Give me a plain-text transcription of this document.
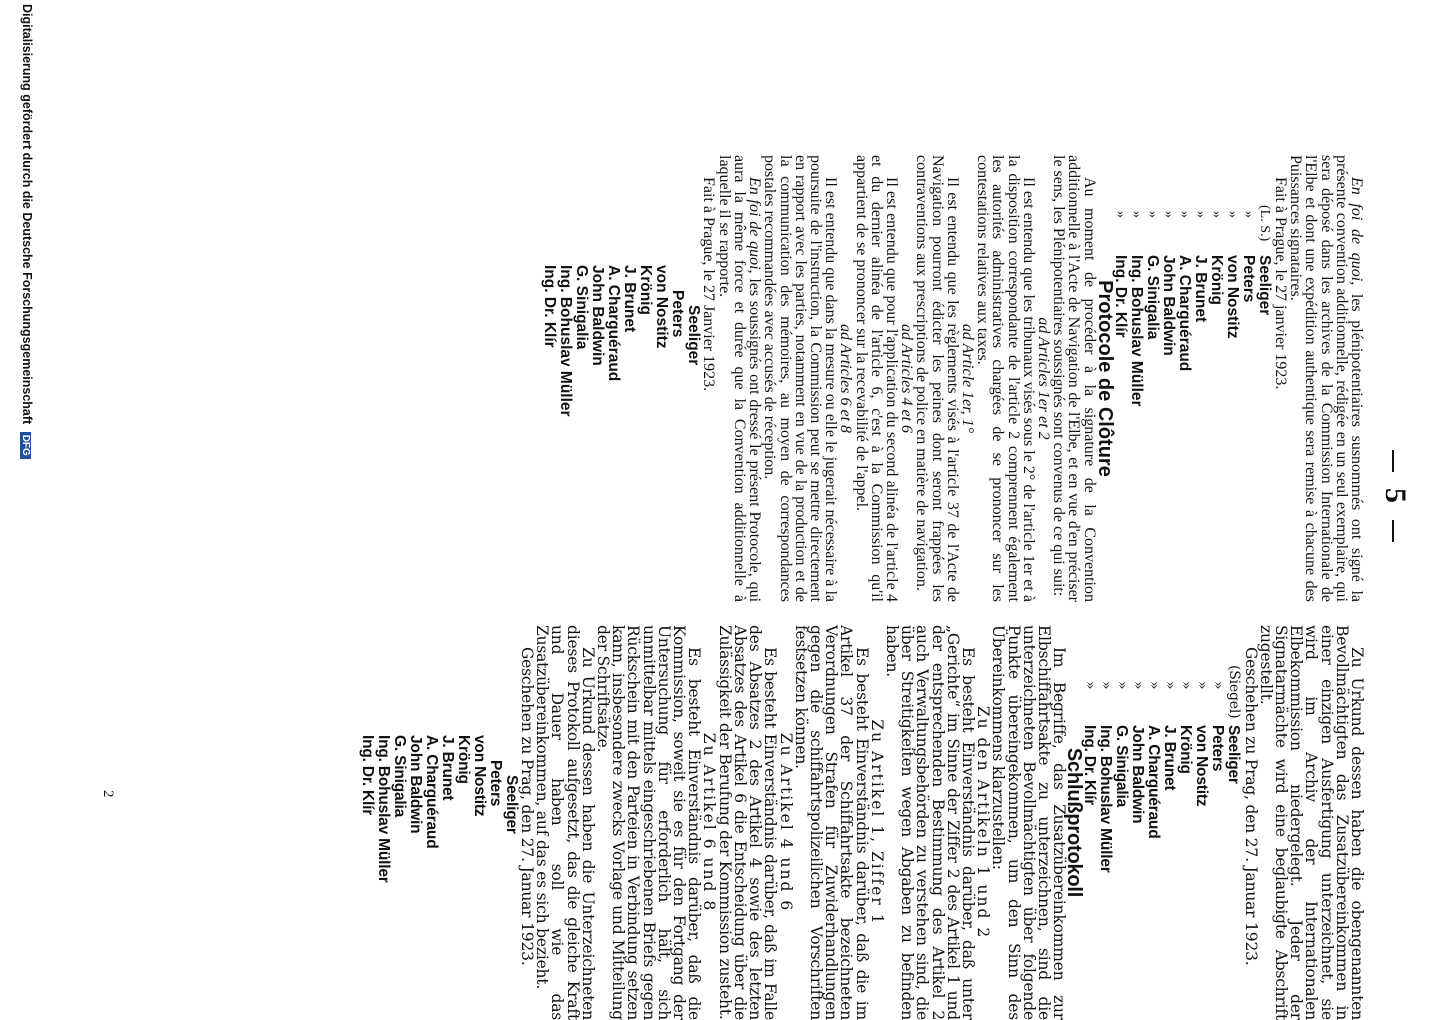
5

En foi de quoi, les plénipotentiaires susnommés ont signé la présente convention additionnelle, rédigée en un seul exemplaire, qui sera déposé dans les archives de la Commission Internationale de l'Elbe et dont une expédition authentique sera remise à chacune des Puissances signataires.

Fait à Prague, le 27 janvier 1923.

(L. S.)
Seeliger
»
Peters
»
von Nostitz
»
Krönig
»
J. Brunet
»
A. Charguéraud
»
John Baldwin
»
G. Sinigalia
»
Ing. Bohuslav Müller
»
Ing. Dr. Klír

Protocole de Clôture

Au moment de procéder à la signature de la Convention additionnelle à l'Acte de Navigation de l'Elbe, et en vue d'en préciser le sens, les Plénipotentiaires soussignés sont convenus de ce qui suit:

ad Articles 1er et 2

Il est entendu que les tribunaux visés sous le 2° de l'article 1er et à la disposition correspondante de l'article 2 comprennent également les autorités administratives chargées de se prononcer sur les contestations relatives aux taxes.

ad Article 1er, 1°

Il est entendu que les règlements visés à l'article 37 de l'Acte de Navigation pourront édicter les peines dont seront frappées les contraventions aux prescriptions de police en matière de navigation.

ad Articles 4 et 6

Il est entendu que pour l'application du second alinéa de l'article 4 et du dernier alinéa de l'article 6, c'est à la Commission qu'il appartient de se prononcer sur la recevabilité de l'appel.

ad Articles 6 et 8

Il est entendu que dans la mesure ou elle le jugerait nécessaire à la poursuite de l'instruction, la Commission peut se mettre directement en rapport avec les parties, notamment en vue de la production et de la communication des mémoires, au moyen de correspondances postales recommandées avec accusés de réception.

En foi de quoi, les soussignés ont dressé le présent Protocole, qui aura la même force et durée que la Convention additionnelle à laquelle il se rapporte.

Fait à Prague, le 27 Janvier 1923.

Seeliger
Peters
von Nostitz
Krönig
J. Brunet
A. Charguéraud
John Baldwin
G. Sinigalia
Ing. Bohuslav Müller
Ing. Dr. Klír

Zu Urkund dessen haben die obengenannten Bevollmächtigten das Zusatzübereinkommen in einer einzigen Ausfertigung unterzeichnet, sie wird im Archiv der Internationalen Elbekommission niedergelegt. Jeder der Signatarmächte wird eine beglaubigte Abschrift zugestellt.

Geschehen zu Prag, den 27. Januar 1923.

(Siegel)
Seeliger
»
Peters
»
von Nostitz
»
Krönig
»
J. Brunet
»
A. Charguéraud
»
John Baldwin
»
G. Sinigalia
»
Ing. Bohuslav Müller
»
Ing. Dr. Klír

Schlußprotokoll

Im Begriffe, das Zusatzübereinkommen zur Elbschiffahrtsakte zu unterzeichnen, sind die unterzeichneten Bevollmächtigten über folgende Punkte übereingekommen, um den Sinn des Übereinkommens klarzustellen:

Zu den Artikeln 1 und 2

Es besteht Einverständnis darüber, daß unter „Gerichte“ im Sinne der Ziffer 2 des Artikel 1 und der entsprechenden Bestimmung des Artikel 2 auch Verwaltungsbehörden zu verstehen sind, die über Streitigkeiten wegen Abgaben zu befinden haben.

Zu Artikel 1, Ziffer 1

Es besteht Einverständnis darüber, daß die im Artikel 37 der Schiffahrtsakte bezeichneten Verordnungen Strafen für Zuwiderhandlungen gegen die schiffahrtspolizeilichen Vorschriften festsetzen können.

Zu Artikel 4 und 6

Es besteht Einverständnis darüber, daß im Falle des Absatzes 2 des Artikel 4 sowie des letzten Absatzes des Artikel 6 die Entscheidung über die Zulässigkeit der Berufung der Kommission zusteht.

Zu Artikel 6 und 8

Es besteht Einverständnis darüber, daß die Kommission, soweit sie es für den Fortgang der Untersuchung für erforderlich hält, sich unmittelbar mittels eingeschriebenen Briefs gegen Rückschein mit den Parteien in Verbindung setzen kann, insbesondere zwecks Vorlage und Mitteilung der Schriftsätze.

Zu Urkund dessen haben die Unterzeichneten dieses Protokoll aufgesetzt, das die gleiche Kraft und Dauer haben soll wie das Zusatzübereinkommen, auf das es sich bezieht.

Geschehen zu Prag, den 27. Januar 1923.

Seeliger
Peters
von Nostitz
Krönig
J. Brunet
A. Charguéraud
John Baldwin
G. Sinigalia
Ing. Bohuslav Müller
Ing. Dr. Klír
2
Digitalisierung gefördert durch die Deutsche Forschungsgemeinschaft DFG
